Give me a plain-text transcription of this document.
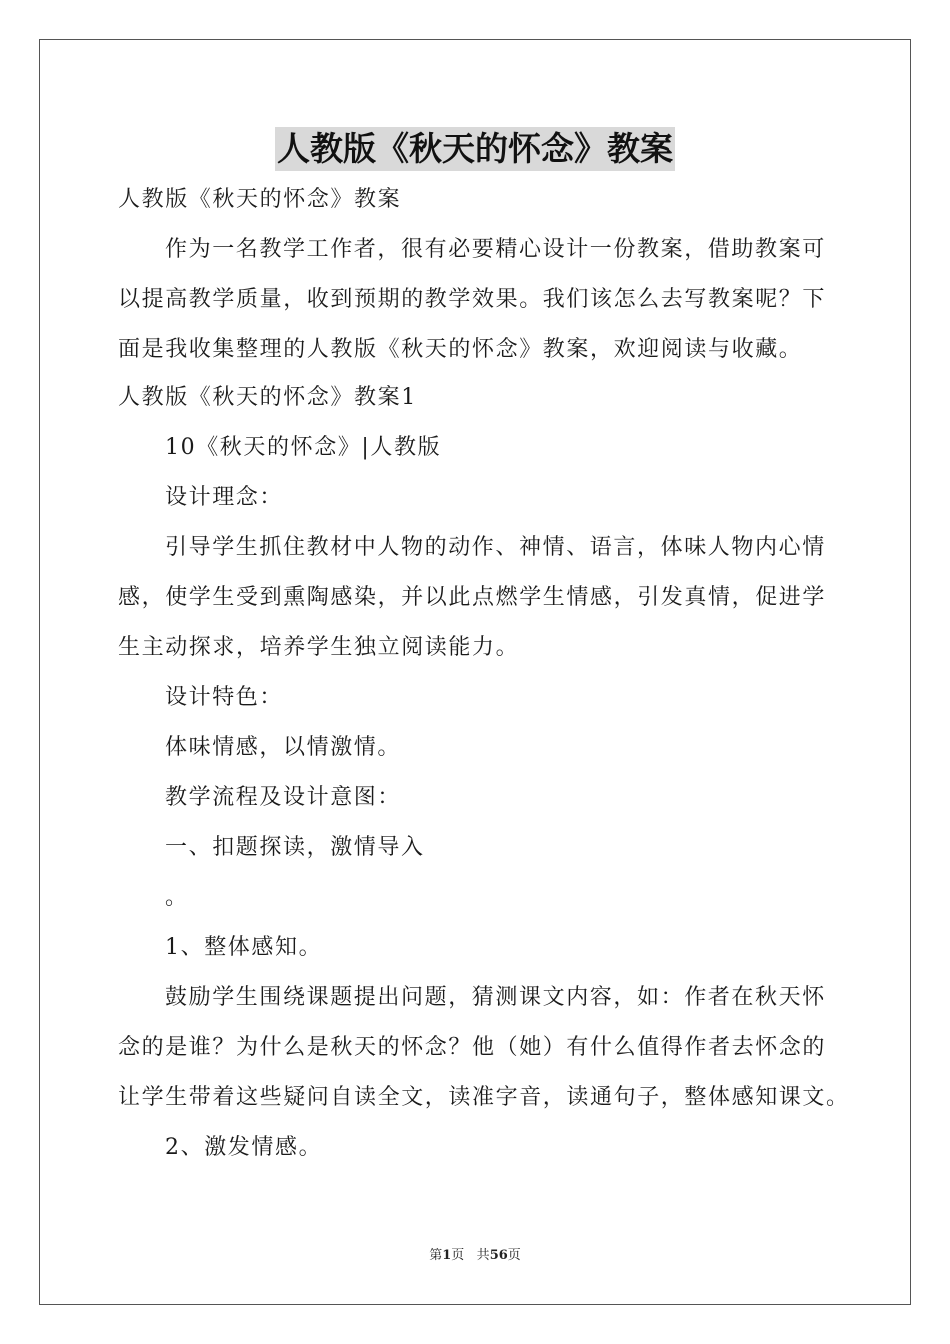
人教版《秋天的怀念》教案
人教版《秋天的怀念》教案
作为一名教学工作者，很有必要精心设计一份教案，借助教案可
以提高教学质量，收到预期的教学效果。我们该怎么去写教案呢？下
面是我收集整理的人教版《秋天的怀念》教案，欢迎阅读与收藏。
人教版《秋天的怀念》教案1
10《秋天的怀念》|人教版
设计理念：
引导学生抓住教材中人物的动作、神情、语言，体味人物内心情
感，使学生受到熏陶感染，并以此点燃学生情感，引发真情，促进学
生主动探求，培养学生独立阅读能力。
设计特色：
体味情感，以情激情。
教学流程及设计意图：
一、扣题探读，激情导入
。
1、整体感知。
鼓励学生围绕课题提出问题，猜测课文内容，如：作者在秋天怀
念的是谁？为什么是秋天的怀念？他（她）有什么值得作者去怀念的
让学生带着这些疑问自读全文，读准字音，读通句子，整体感知课文。
2、激发情感。
第1页 共56页
